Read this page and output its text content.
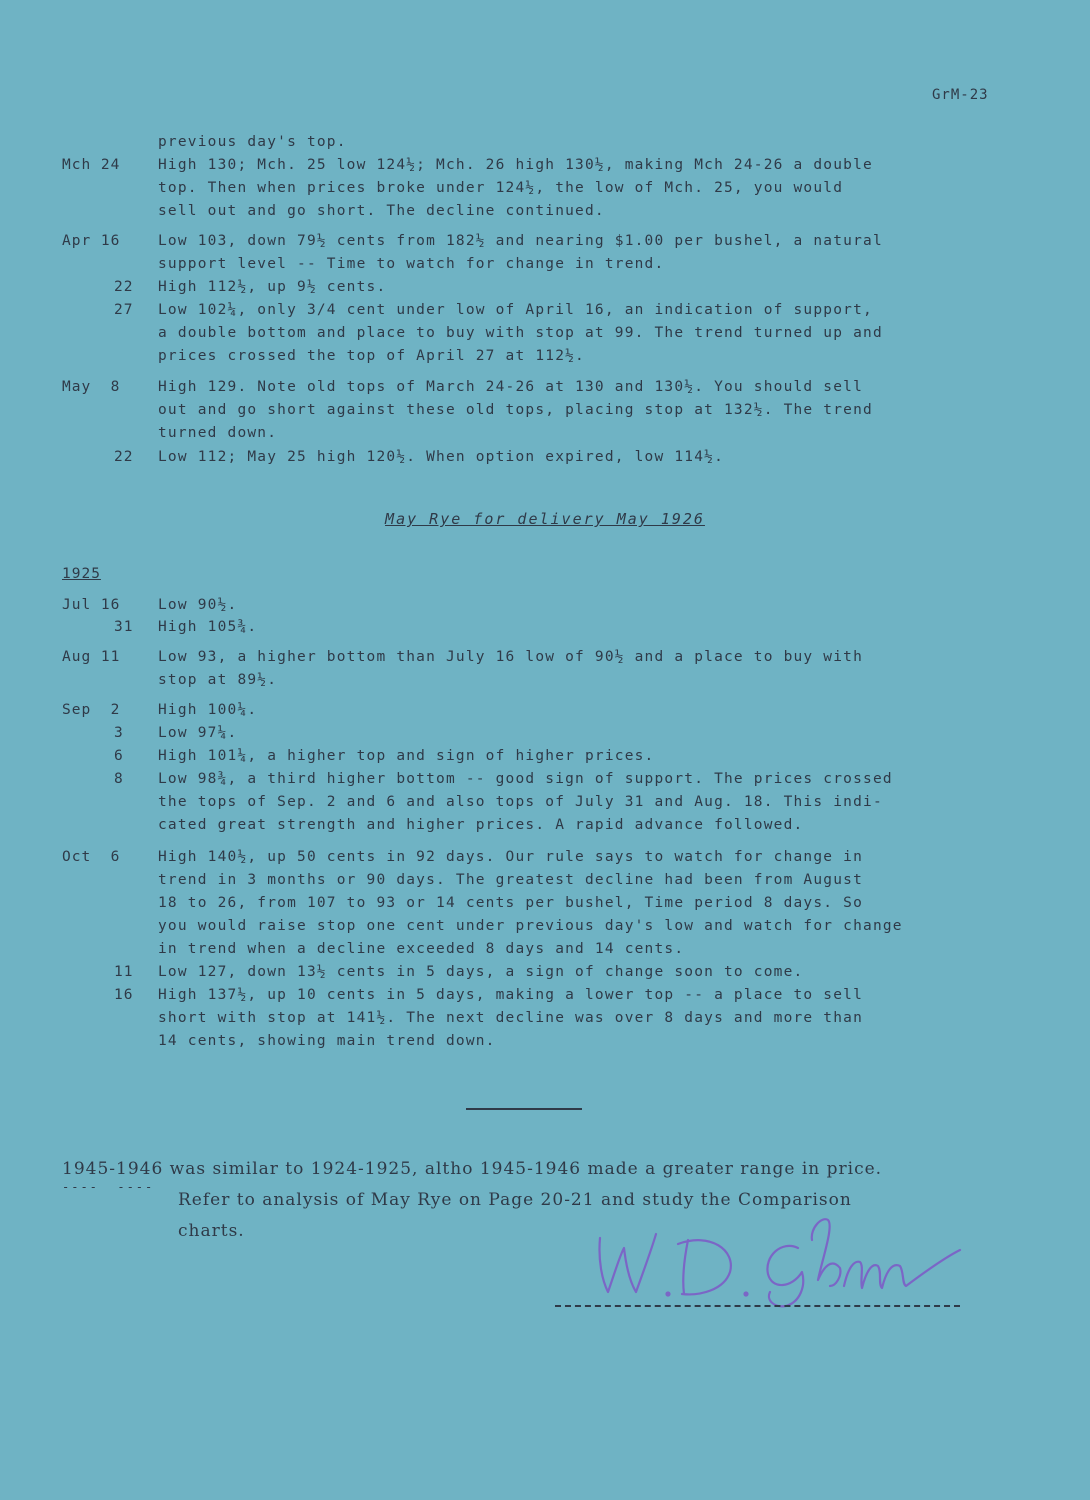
GrM-23
previous day's top.
Mch 24	High 130; Mch. 25 low 124½; Mch. 26 high 130½, making Mch 24-26 a double
top. Then when prices broke under 124½, the low of Mch. 25, you would
sell out and go short. The decline continued.
Apr 16	Low 103, down 79½ cents from 182½ and nearing $1.00 per bushel, a natural
support level -- Time to watch for change in trend.
22	High 112½, up 9½ cents.
27	Low 102¼, only 3/4 cent under low of April 16, an indication of support,
a double bottom and place to buy with stop at 99. The trend turned up and
prices crossed the top of April 27 at 112½.
May  8	High 129. Note old tops of March 24-26 at 130 and 130½. You should sell
out and go short against these old tops, placing stop at 132½. The trend
turned down.
22	Low 112; May 25 high 120½. When option expired, low 114½.
May Rye for delivery May 1926
1925
Jul 16	Low 90½.
31	High 105¾.
Aug 11	Low 93, a higher bottom than July 16 low of 90½ and a place to buy with
stop at 89½.
Sep  2	High 100¼.
3	Low 97¼.
6	High 101¼, a higher top and sign of higher prices.
8	Low 98¾, a third higher bottom -- good sign of support. The prices crossed
the tops of Sep. 2 and 6 and also tops of July 31 and Aug. 18. This indi-
cated great strength and higher prices. A rapid advance followed.
Oct  6	High 140½, up 50 cents in 92 days. Our rule says to watch for change in
trend in 3 months or 90 days. The greatest decline had been from August
18 to 26, from 107 to 93 or 14 cents per bushel, Time period 8 days. So
you would raise stop one cent under previous day's low and watch for change
in trend when a decline exceeded 8 days and 14 cents.
11	Low 127, down 13½ cents in 5 days, a sign of change soon to come.
16	High 137½, up 10 cents in 5 days, making a lower top -- a place to sell
short with stop at 141½. The next decline was over 8 days and more than
14 cents, showing main trend down.
1945-1946 was similar to 1924-1925, altho 1945-1946 made a greater range in price.
Refer to analysis of May Rye on Page 20-21 and study the Comparison
charts.
----  ----
